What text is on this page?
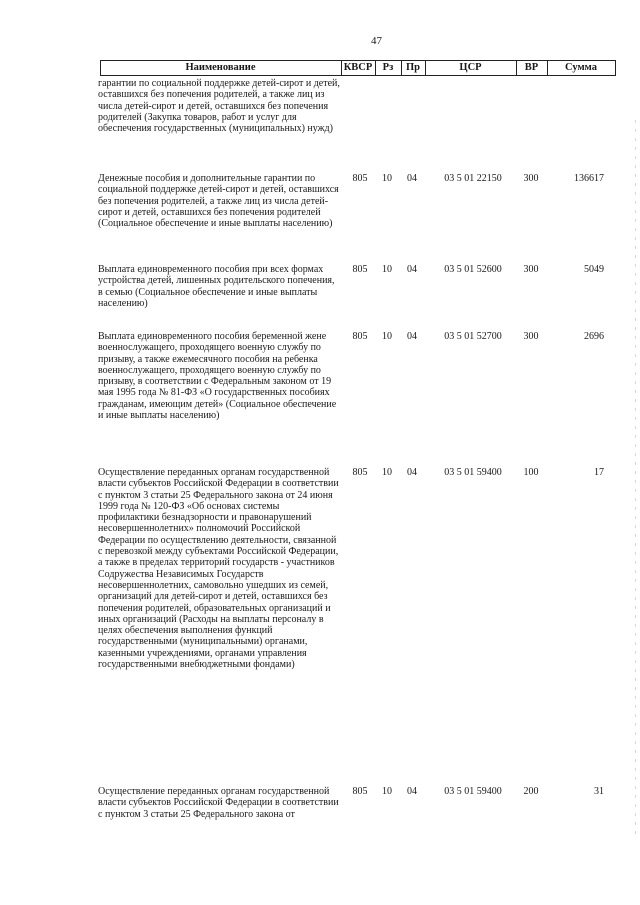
47
Наименование	КВСР Рз	Пр	ЦСР	ВР	Сумма

гарантии по социальной поддержке детей-сирот и детей, оставшихся без попечения родителей, а также лиц из числа детей-сирот и детей, оставшихся без попечения родителей (Закупка товаров, работ и услуг для обеспечения государственных (муниципальных) нужд)

Денежные пособия и дополнительные гарантии по социальной поддержке детей-сирот и детей, оставшихся без попечения родителей, а также лиц из числа детей-сирот и детей, оставшихся без попечения родителей (Социальное обеспечение и иные выплаты населению)

805	10	04	03 5 01 22150	300	136617

Выплата единовременного пособия при всех формах устройства детей, лишенных родительского попечения, в семью (Социальное обеспечение и иные выплаты населению)

805	10	04	03 5 01 52600	300	5049

Выплата единовременного пособия беременной жене военнослужащего, проходящего военную службу по призыву, а также ежемесячного пособия на ребенка военнослужащего, проходящего военную службу по призыву, в соответствии с Федеральным законом от 19 мая 1995 года № 81-ФЗ «О государственных пособиях гражданам, имеющим детей» (Социальное обеспечение и иные выплаты населению)

805	10	04	03 5 01 52700	300	2696

Осуществление переданных органам государственной власти субъектов Российской Федерации в соответствии с пунктом 3 статьи 25 Федерального закона от 24 июня 1999 года № 120-ФЗ «Об основах системы профилактики безнадзорности и правонарушений несовершеннолетних» полномочий Российской Федерации по осуществлению деятельности, связанной с перевозкой между субъектами Российской Федерации, а также в пределах территорий государств - участников Содружества Независимых Государств несовершеннолетних, самовольно ушедших из семей, организаций для детей-сирот и детей, оставшихся без попечения родителей, образовательных организаций и иных организаций (Расходы на выплаты персоналу в целях обеспечения выполнения функций государственными (муниципальными) органами, казенными учреждениями, органами управления государственными внебюджетными фондами)

805	10	04	03 5 01 59400	100	17

Осуществление переданных органам государственной власти субъектов Российской Федерации в соответствии с пунктом 3 статьи 25 Федерального закона от

805	10	04	03 5 01 59400	200	31
